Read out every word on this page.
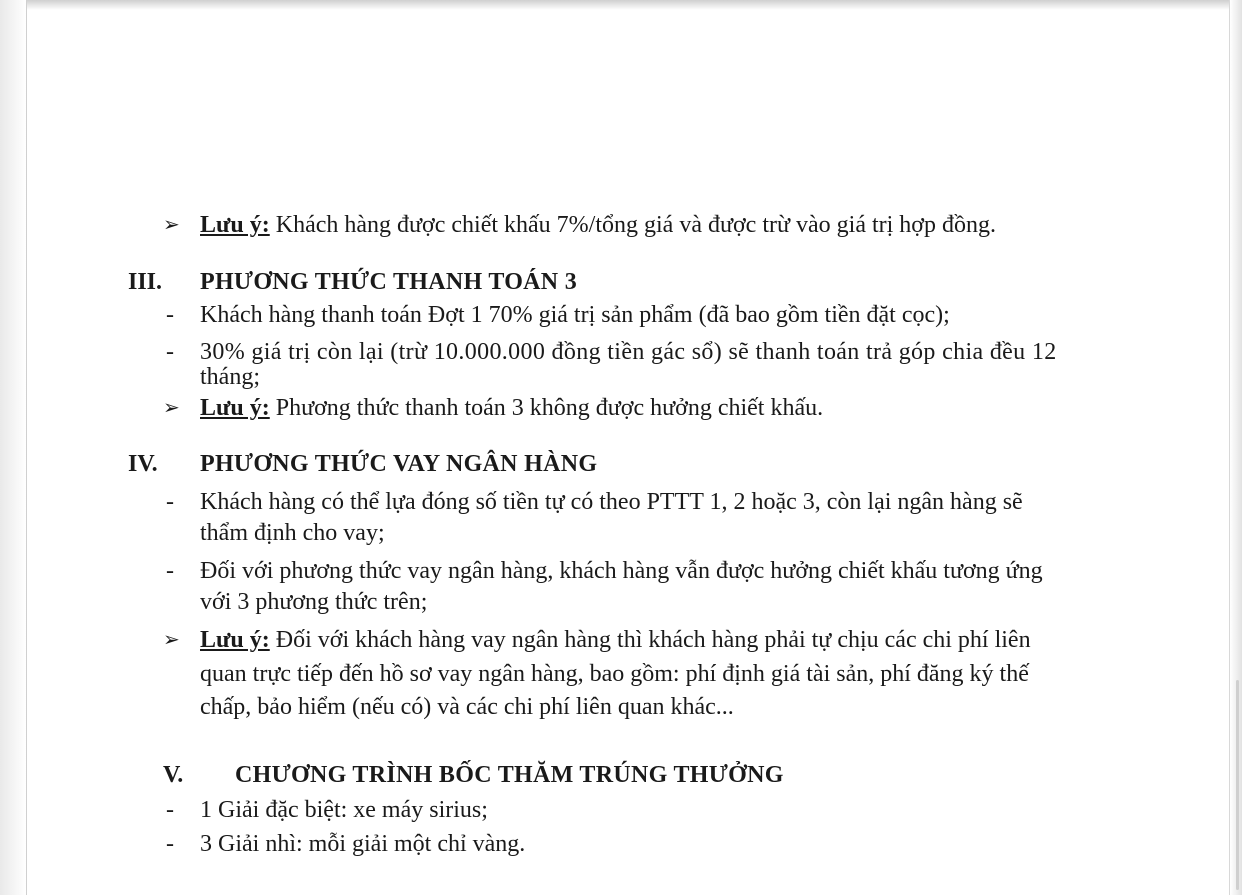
➢ Lưu ý: Khách hàng được chiết khấu 7%/tổng giá và được trừ vào giá trị hợp đồng.
III. PHƯƠNG THỨC THANH TOÁN 3
- Khách hàng thanh toán Đợt 1 70% giá trị sản phẩm (đã bao gồm tiền đặt cọc);
- 30% giá trị còn lại (trừ 10.000.000 đồng tiền gác sổ) sẽ thanh toán trả góp chia đều 12
tháng;
➢ Lưu ý: Phương thức thanh toán 3 không được hưởng chiết khấu.
IV. PHƯƠNG THỨC VAY NGÂN HÀNG
- Khách hàng có thể lựa đóng số tiền tự có theo PTTT 1, 2 hoặc 3, còn lại ngân hàng sẽ
thẩm định cho vay;
- Đối với phương thức vay ngân hàng, khách hàng vẫn được hưởng chiết khấu tương ứng
với 3 phương thức trên;
➢ Lưu ý: Đối với khách hàng vay ngân hàng thì khách hàng phải tự chịu các chi phí liên
quan trực tiếp đến hồ sơ vay ngân hàng, bao gồm: phí định giá tài sản, phí đăng ký thế
chấp, bảo hiểm (nếu có) và các chi phí liên quan khác...
V. CHƯƠNG TRÌNH BỐC THĂM TRÚNG THƯỞNG
- 1 Giải đặc biệt: xe máy sirius;
- 3 Giải nhì: mỗi giải một chỉ vàng.
